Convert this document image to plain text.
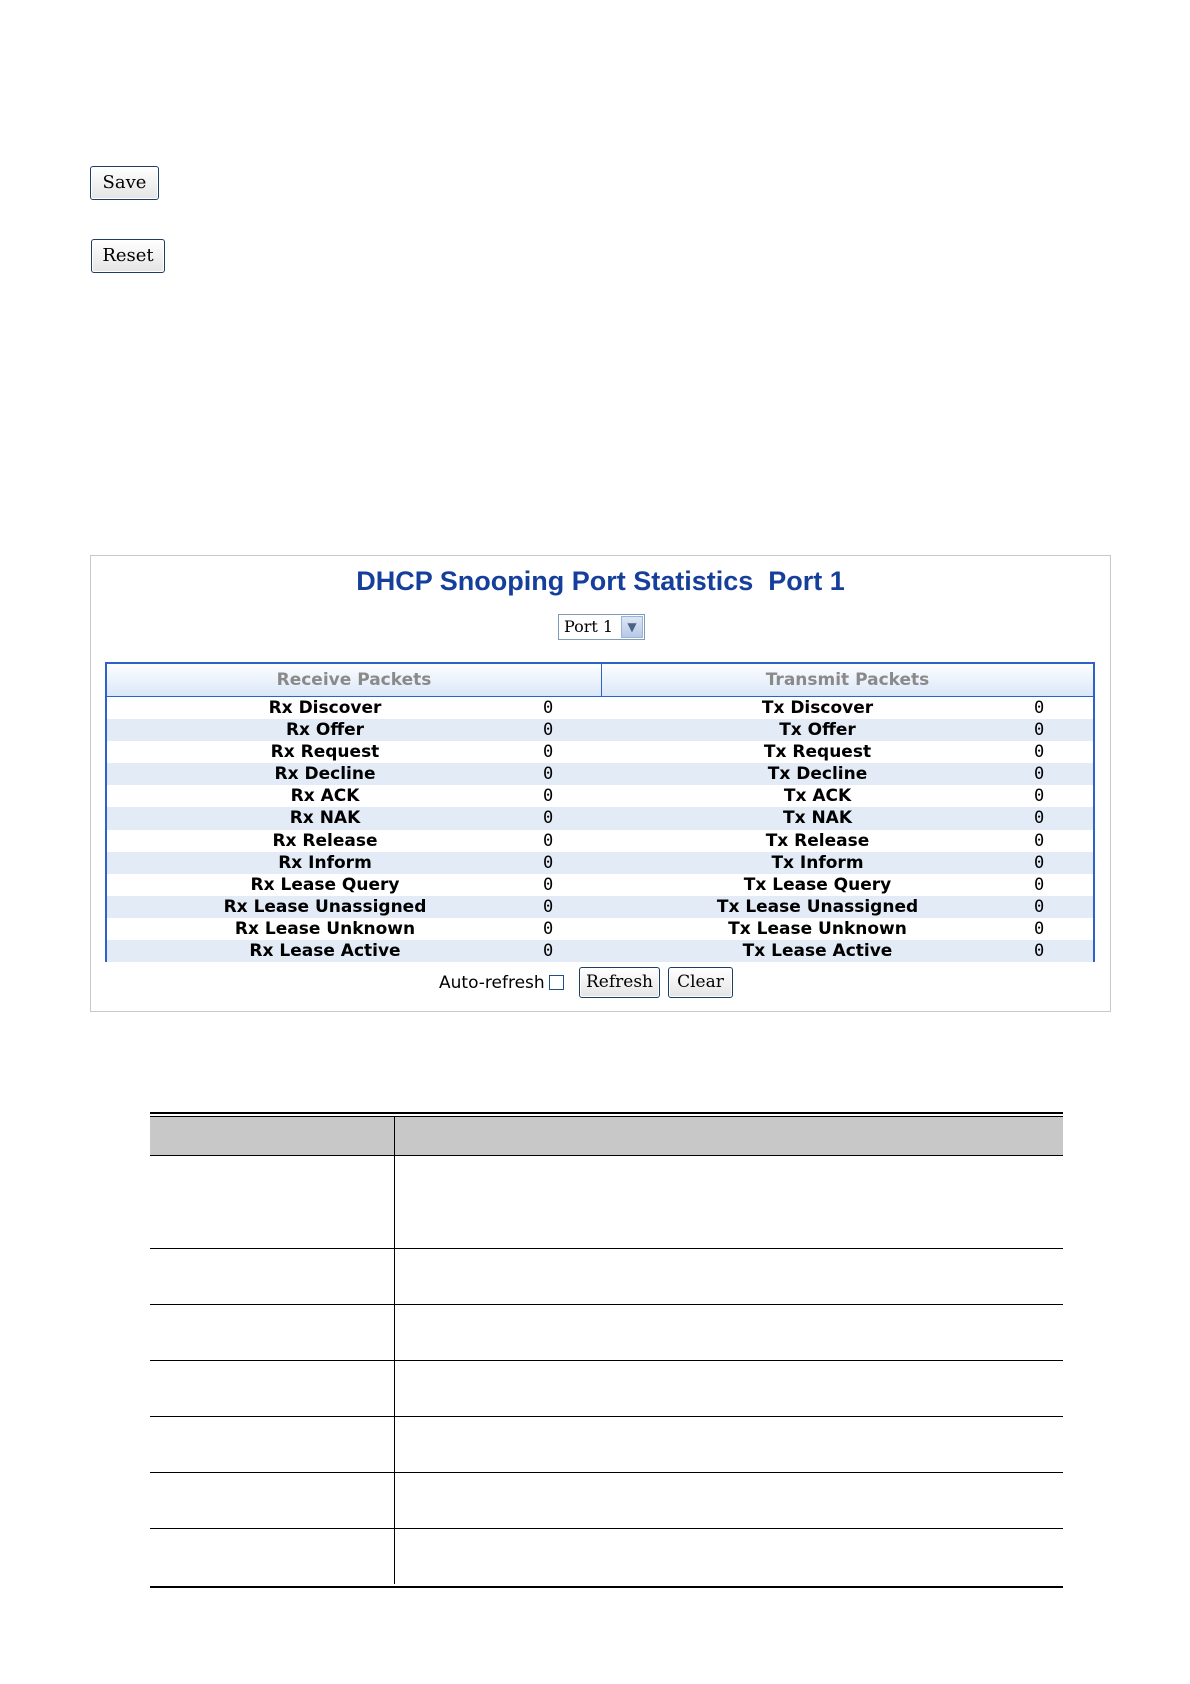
Save
Reset
DHCP Snooping Port Statistics  Port 1
Port 1	▼
Receive Packets	Transmit Packets
Rx Discover	0	Tx Discover	0
Rx Offer	0	Tx Offer	0
Rx Request	0	Tx Request	0
Rx Decline	0	Tx Decline	0
Rx ACK	0	Tx ACK	0
Rx NAK	0	Tx NAK	0
Rx Release	0	Tx Release	0
Rx Inform	0	Tx Inform	0
Rx Lease Query	0	Tx Lease Query	0
Rx Lease Unassigned	0	Tx Lease Unassigned	0
Rx Lease Unknown	0	Tx Lease Unknown	0
Rx Lease Active	0	Tx Lease Active	0
Auto-refresh	Refresh	Clear
